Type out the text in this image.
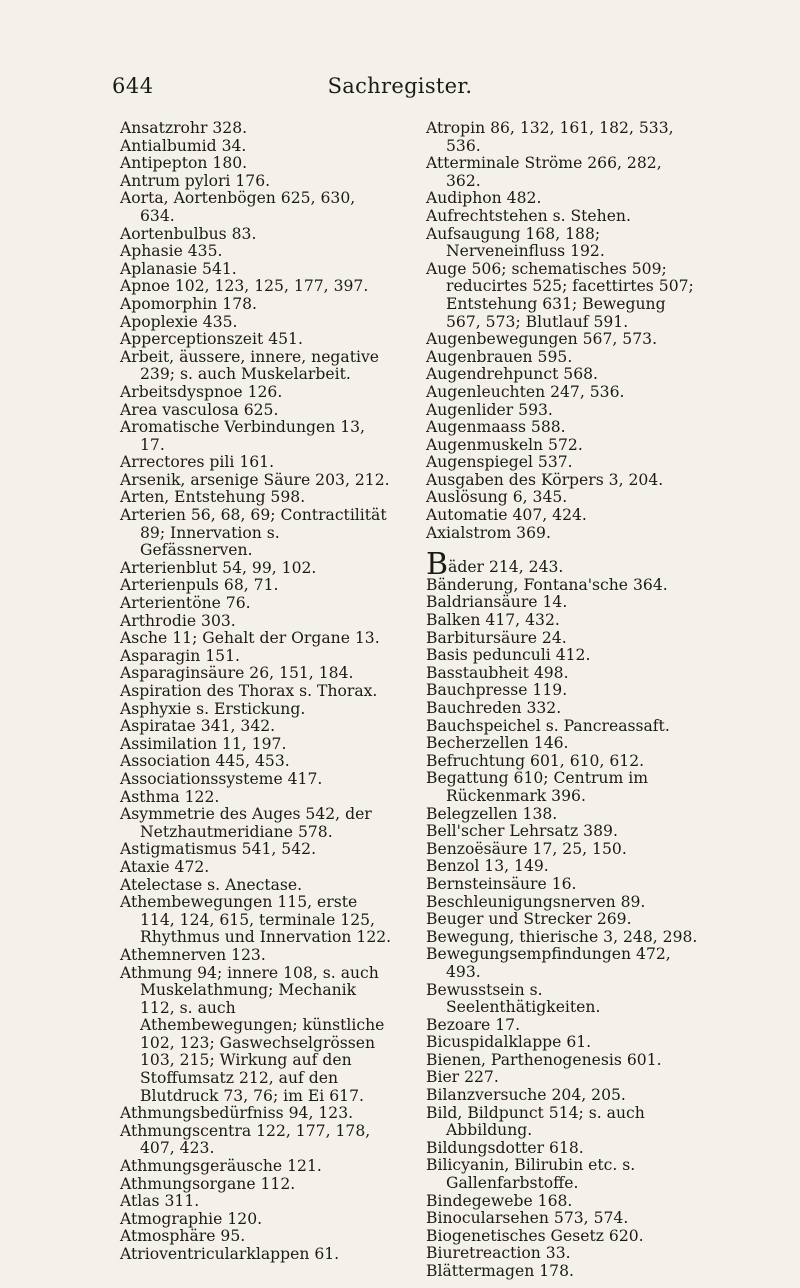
644	Sachregister.
Ansatzrohr 328.
Antialbumid 34.
Antipepton 180.
Antrum pylori 176.
Aorta, Aortenbögen 625, 630, 634.
Aortenbulbus 83.
Aphasie 435.
Aplanasie 541.
Apnoe 102, 123, 125, 177, 397.
Apomorphin 178.
Apoplexie 435.
Apperceptionszeit 451.
Arbeit, äussere, innere, negative 239; s. auch Muskelarbeit.
Arbeitsdyspnoe 126.
Area vasculosa 625.
Aromatische Verbindungen 13, 17.
Arrectores pili 161.
Arsenik, arsenige Säure 203, 212.
Arten, Entstehung 598.
Arterien 56, 68, 69; Contractilität 89; Innervation s. Gefässnerven.
Arterienblut 54, 99, 102.
Arterienpuls 68, 71.
Arterientöne 76.
Arthrodie 303.
Asche 11; Gehalt der Organe 13.
Asparagin 151.
Asparaginsäure 26, 151, 184.
Aspiration des Thorax s. Thorax.
Asphyxie s. Erstickung.
Aspiratae 341, 342.
Assimilation 11, 197.
Association 445, 453.
Associationssysteme 417.
Asthma 122.
Asymmetrie des Auges 542, der Netzhautmeridiane 578.
Astigmatismus 541, 542.
Ataxie 472.
Atelectase s. Anectase.
Athembewegungen 115, erste 114, 124, 615, terminale 125, Rhythmus und Innervation 122.
Athemnerven 123.
Athmung 94; innere 108, s. auch Muskelathmung; Mechanik 112, s. auch Athembewegungen; künstliche 102, 123; Gaswechselgrössen 103, 215; Wirkung auf den Stoffumsatz 212, auf den Blutdruck 73, 76; im Ei 617.
Athmungsbedürfniss 94, 123.
Athmungscentra 122, 177, 178, 407, 423.
Athmungsgeräusche 121.
Athmungsorgane 112.
Atlas 311.
Atmographie 120.
Atmosphäre 95.
Atrioventricularklappen 61.
Atropin 86, 132, 161, 182, 533, 536.
Atterminale Ströme 266, 282, 362.
Audiphon 482.
Aufrechtstehen s. Stehen.
Aufsaugung 168, 188; Nerveneinfluss 192.
Auge 506; schematisches 509; reducirtes 525; facettirtes 507; Entstehung 631; Bewegung 567, 573; Blutlauf 591.
Augenbewegungen 567, 573.
Augenbrauen 595.
Augendrehpunct 568.
Augenleuchten 247, 536.
Augenlider 593.
Augenmaass 588.
Augenmuskeln 572.
Augenspiegel 537.
Ausgaben des Körpers 3, 204.
Auslösung 6, 345.
Automatie 407, 424.
Axialstrom 369.
Bäder 214, 243.
Bänderung, Fontana'sche 364.
Baldriansäure 14.
Balken 417, 432.
Barbitursäure 24.
Basis pedunculi 412.
Basstaubheit 498.
Bauchpresse 119.
Bauchreden 332.
Bauchspeichel s. Pancreassaft.
Becherzellen 146.
Befruchtung 601, 610, 612.
Begattung 610; Centrum im Rückenmark 396.
Belegzellen 138.
Bell'scher Lehrsatz 389.
Benzoësäure 17, 25, 150.
Benzol 13, 149.
Bernsteinsäure 16.
Beschleunigungsnerven 89.
Beuger und Strecker 269.
Bewegung, thierische 3, 248, 298.
Bewegungsempfindungen 472, 493.
Bewusstsein s. Seelenthätigkeiten.
Bezoare 17.
Bicuspidalklappe 61.
Bienen, Parthenogenesis 601.
Bier 227.
Bilanzversuche 204, 205.
Bild, Bildpunct 514; s. auch Abbildung.
Bildungsdotter 618.
Bilicyanin, Bilirubin etc. s. Gallenfarbstoffe.
Bindegewebe 168.
Binocularsehen 573, 574.
Biogenetisches Gesetz 620.
Biuretreaction 33.
Blättermagen 178.
